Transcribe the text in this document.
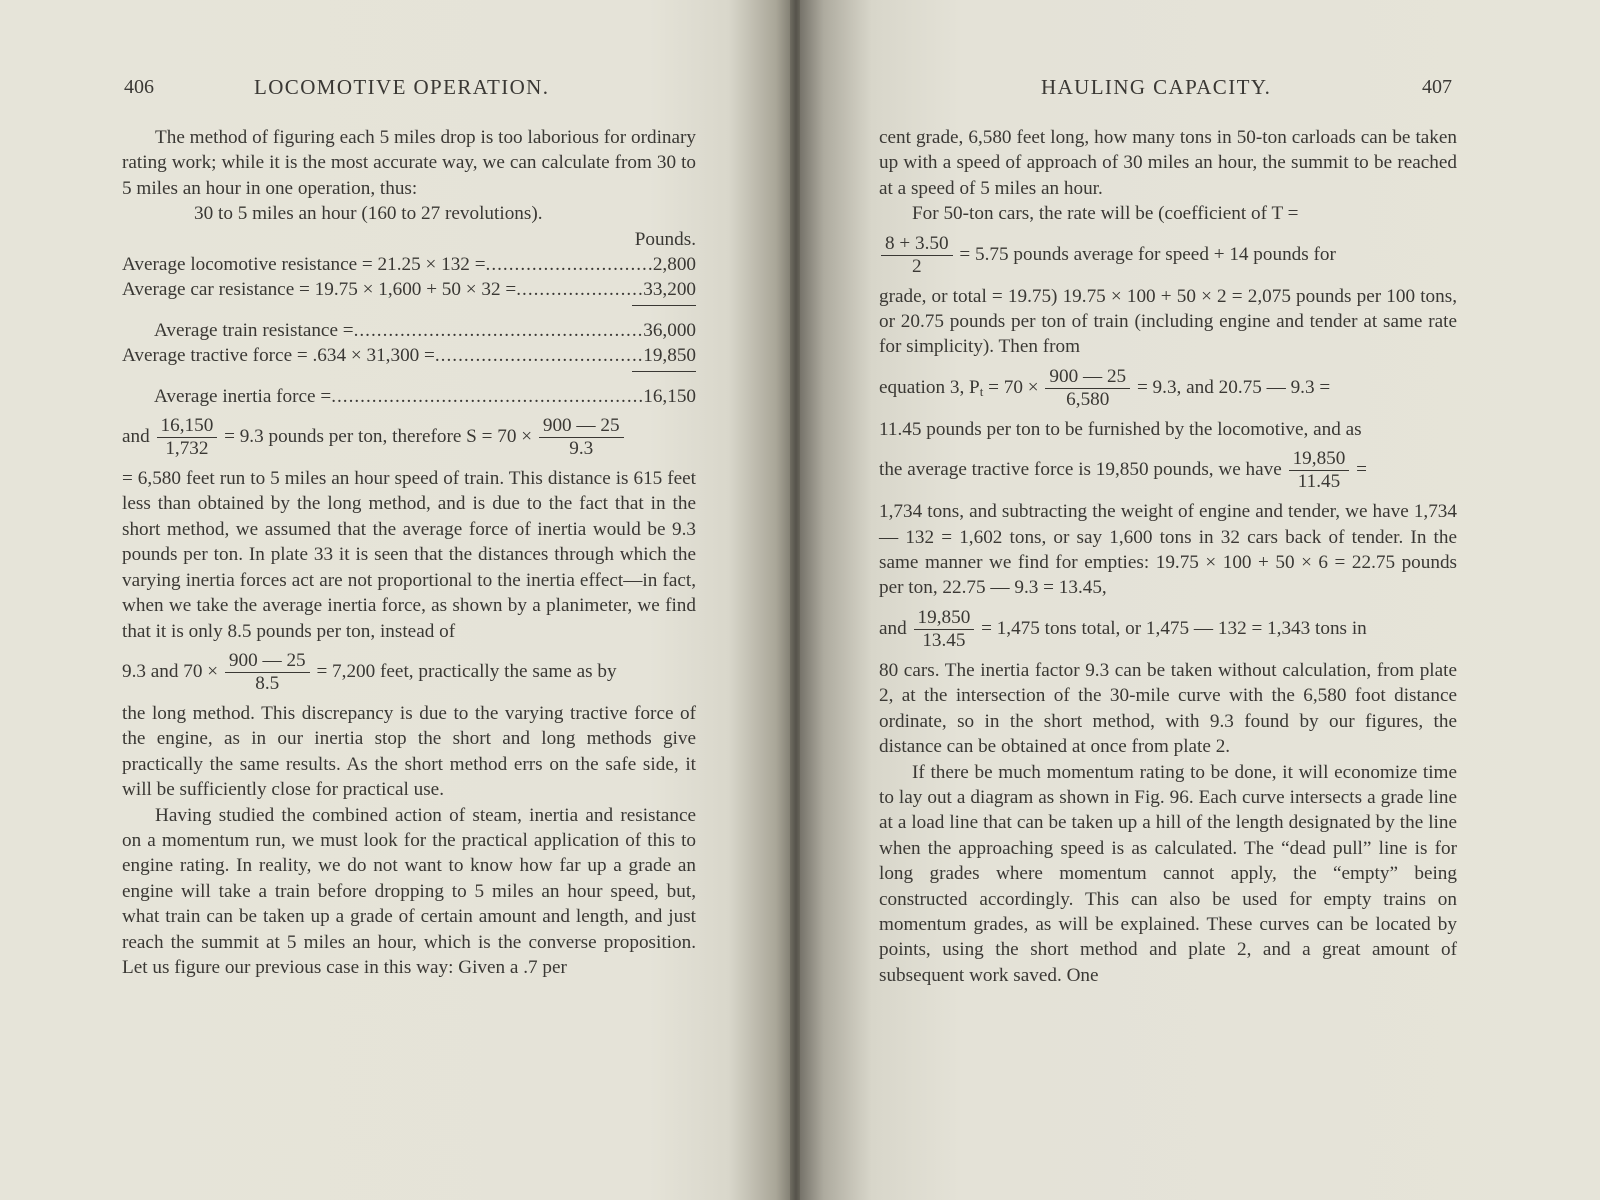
406	LOCOMOTIVE OPERATION.

The method of figuring each 5 miles drop is too laborious for ordinary rating work; while it is the most accurate way, we can calculate from 30 to 5 miles an hour in one operation, thus:

30 to 5 miles an hour (160 to 27 revolutions).

Pounds.

Average locomotive resistance = 21.25 × 132 = .....	2,800
Average car resistance = 19.75 × 1,600 + 50 × 32 = .....	33,200
Average train resistance = .....	36,000
Average tractive force = .634 × 31,300 = .....	19,850
Average inertia force = .....	16,150
and $\frac{16,150}{1,732} = 9.3$ pounds per ton, therefore $S = 70 \times \frac{900 — 25}{9.3}$

= 6,580 feet run to 5 miles an hour speed of train. This distance is 615 feet less than obtained by the long method, and is due to the fact that in the short method, we assumed that the average force of inertia would be 9.3 pounds per ton. In plate 33 it is seen that the distances through which the varying inertia forces act are not proportional to the inertia effect—in fact, when we take the average inertia force, as shown by a planimeter, we find that it is only 8.5 pounds per ton, instead of

9.3 and $70 \times \frac{900 — 25}{8.5} = 7,200$ feet, practically the same as by

the long method. This discrepancy is due to the varying tractive force of the engine, as in our inertia stop the short and long methods give practically the same results. As the short method errs on the safe side, it will be sufficiently close for practical use.

Having studied the combined action of steam, inertia and resistance on a momentum run, we must look for the practical application of this to engine rating. In reality, we do not want to know how far up a grade an engine will take a train before dropping to 5 miles an hour speed, but, what train can be taken up a grade of certain amount and length, and just reach the summit at 5 miles an hour, which is the converse proposition. Let us figure our previous case in this way: Given a .7 per

HAULING CAPACITY.	407

cent grade, 6,580 feet long, how many tons in 50-ton carloads can be taken up with a speed of approach of 30 miles an hour, the summit to be reached at a speed of 5 miles an hour.

For 50-ton cars, the rate will be (coefficient of T =

$\frac{8 + 3.50}{2} = 5.75$ pounds average for speed + 14 pounds for

grade, or total = 19.75) 19.75 × 100 + 50 × 2 = 2,075 pounds per 100 tons, or 20.75 pounds per ton of train (including engine and tender at same rate for simplicity). Then from

equation 3, $P_t = 70 \times \frac{900 — 25}{6,580} = 9.3$, and 20.75 — 9.3 =

11.45 pounds per ton to be furnished by the locomotive, and as

the average tractive force is 19,850 pounds, we have $\frac{19,850}{11.45}$ =

1,734 tons, and subtracting the weight of engine and tender, we have 1,734 — 132 = 1,602 tons, or say 1,600 tons in 32 cars back of tender. In the same manner we find for empties: 19.75 × 100 + 50 × 6 = 22.75 pounds per ton, 22.75 — 9.3 = 13.45,

and $\frac{19,850}{13.45} = 1,475$ tons total, or 1,475 — 132 = 1,343 tons in

80 cars. The inertia factor 9.3 can be taken without calculation, from plate 2, at the intersection of the 30-mile curve with the 6,580 foot distance ordinate, so in the short method, with 9.3 found by our figures, the distance can be obtained at once from plate 2.

If there be much momentum rating to be done, it will economize time to lay out a diagram as shown in Fig. 96. Each curve intersects a grade line at a load line that can be taken up a hill of the length designated by the line when the approaching speed is as calculated. The “dead pull” line is for long grades where momentum cannot apply, the “empty” being constructed accordingly. This can also be used for empty trains on momentum grades, as will be explained. These curves can be located by points, using the short method and plate 2, and a great amount of subsequent work saved. One
